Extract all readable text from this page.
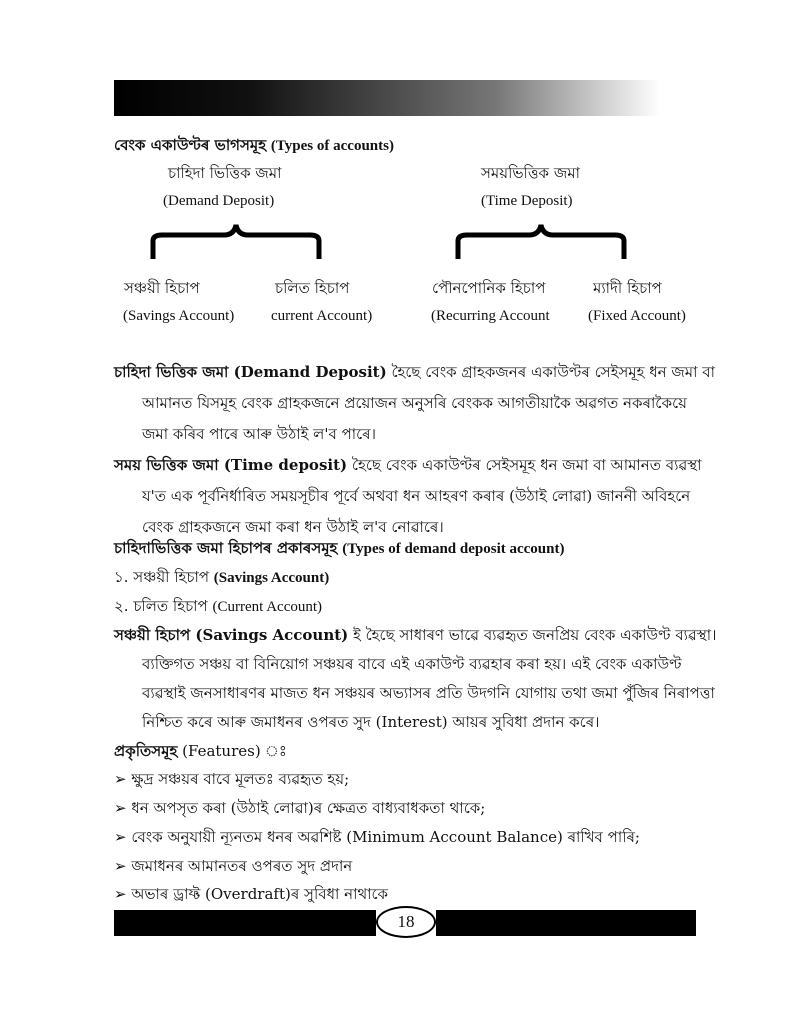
বেংক একাউণ্টৰ ভাগসমূহ (Types of accounts)
চাহিদা ভিত্তিক জমা
(Demand Deposit)
সময়ভিত্তিক জমা
(Time Deposit)
সঞ্চয়ী হিচাপ
(Savings Account)
চলিত হিচাপ
current Account)
পৌনপোনিক হিচাপ
(Recurring Account
ম্যাদী হিচাপ
(Fixed Account)
চাহিদা ভিত্তিক জমা (Demand Deposit) হৈছে বেংক গ্ৰাহকজনৰ একাউণ্টৰ সেইসমূহ ধন জমা বা
আমানত যিসমূহ বেংক গ্ৰাহকজনে প্ৰয়োজন অনুসৰি বেংকক আগতীয়াকৈ অৱগত নকৰাকৈয়ে
জমা কৰিব পাৰে আৰু উঠাই ল'ব পাৰে।
সময় ভিত্তিক জমা (Time deposit) হৈছে বেংক একাউণ্টৰ সেইসমূহ ধন জমা বা আমানত ব্যৱস্থা
য'ত এক পূৰ্বনিৰ্ধাৰিত সময়সূচীৰ পূৰ্বে অথবা ধন আহৰণ কৰাৰ (উঠাই লোৱা) জাননী অবিহনে
বেংক গ্ৰাহকজনে জমা কৰা ধন উঠাই ল'ব নোৱাৰে।
চাহিদাভিত্তিক জমা হিচাপৰ প্ৰকাৰসমূহ (Types of demand deposit account)
১. সঞ্চয়ী হিচাপ (Savings Account)
২. চলিত হিচাপ (Current Account)
সঞ্চয়ী হিচাপ (Savings Account) ই হৈছে সাধাৰণ ভাৱে ব্যৱহৃত জনপ্ৰিয় বেংক একাউণ্ট ব্যৱস্থা।
ব্যক্তিগত সঞ্চয় বা বিনিয়োগ সঞ্চয়ৰ বাবে এই একাউণ্ট ব্যৱহাৰ কৰা হয়। এই বেংক একাউণ্ট
ব্যৱস্থাই জনসাধাৰণৰ মাজত ধন সঞ্চয়ৰ অভ্যাসৰ প্ৰতি উদগনি যোগায় তথা জমা পুঁজিৰ নিৰাপত্তা
নিশ্চিত কৰে আৰু জমাধনৰ ওপৰত সুদ (Interest) আয়ৰ সুবিধা প্ৰদান কৰে।
প্ৰকৃতিসমূহ (Features) ঃ
➢ ক্ষুদ্ৰ সঞ্চয়ৰ বাবে মূলতঃ ব্যৱহৃত হয়;
➢ ধন অপসৃত কৰা (উঠাই লোৱা)ৰ ক্ষেত্ৰত বাধ্যবাধকতা থাকে;
➢ বেংক অনুযায়ী ন্যূনতম ধনৰ অৱশিষ্ট (Minimum Account Balance) ৰাখিব পাৰি;
➢ জমাধনৰ আমানতৰ ওপৰত সুদ প্ৰদান
➢ অভাৰ ড্ৰাফ্ট (Overdraft)ৰ সুবিধা নাথাকে
18
